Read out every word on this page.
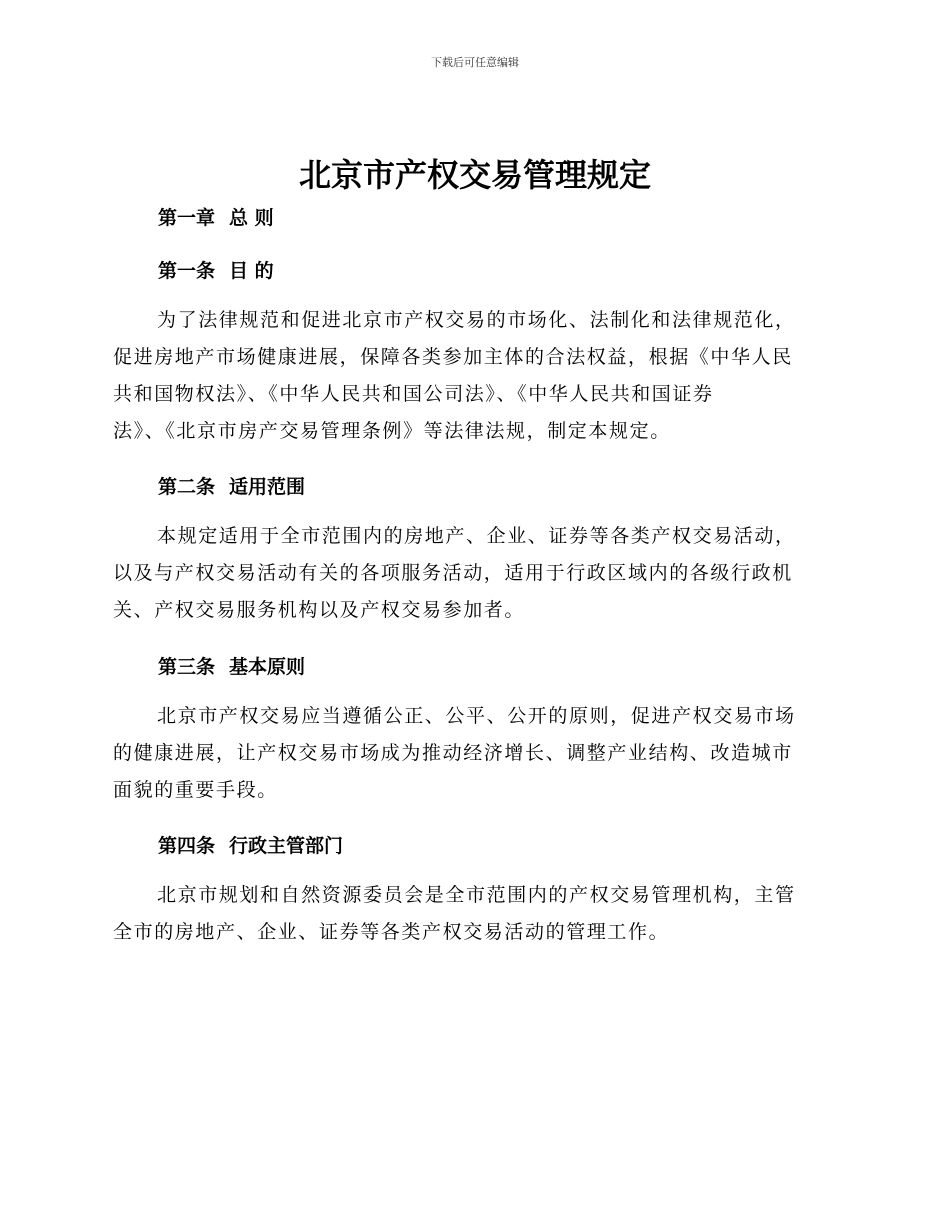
下载后可任意编辑
北京市产权交易管理规定
第一章 总 则
第一条 目 的
为了法律规范和促进北京市产权交易的市场化、法制化和法律规范化，
促进房地产市场健康进展，保障各类参加主体的合法权益，根据《中华人民
共和国物权法》、《中华人民共和国公司法》、《中华人民共和国证券
法》、《北京市房产交易管理条例》等法律法规，制定本规定。
第二条 适用范围
本规定适用于全市范围内的房地产、企业、证券等各类产权交易活动，
以及与产权交易活动有关的各项服务活动，适用于行政区域内的各级行政机
关、产权交易服务机构以及产权交易参加者。
第三条 基本原则
北京市产权交易应当遵循公正、公平、公开的原则，促进产权交易市场
的健康进展，让产权交易市场成为推动经济增长、调整产业结构、改造城市
面貌的重要手段。
第四条 行政主管部门
北京市规划和自然资源委员会是全市范围内的产权交易管理机构，主管
全市的房地产、企业、证券等各类产权交易活动的管理工作。
